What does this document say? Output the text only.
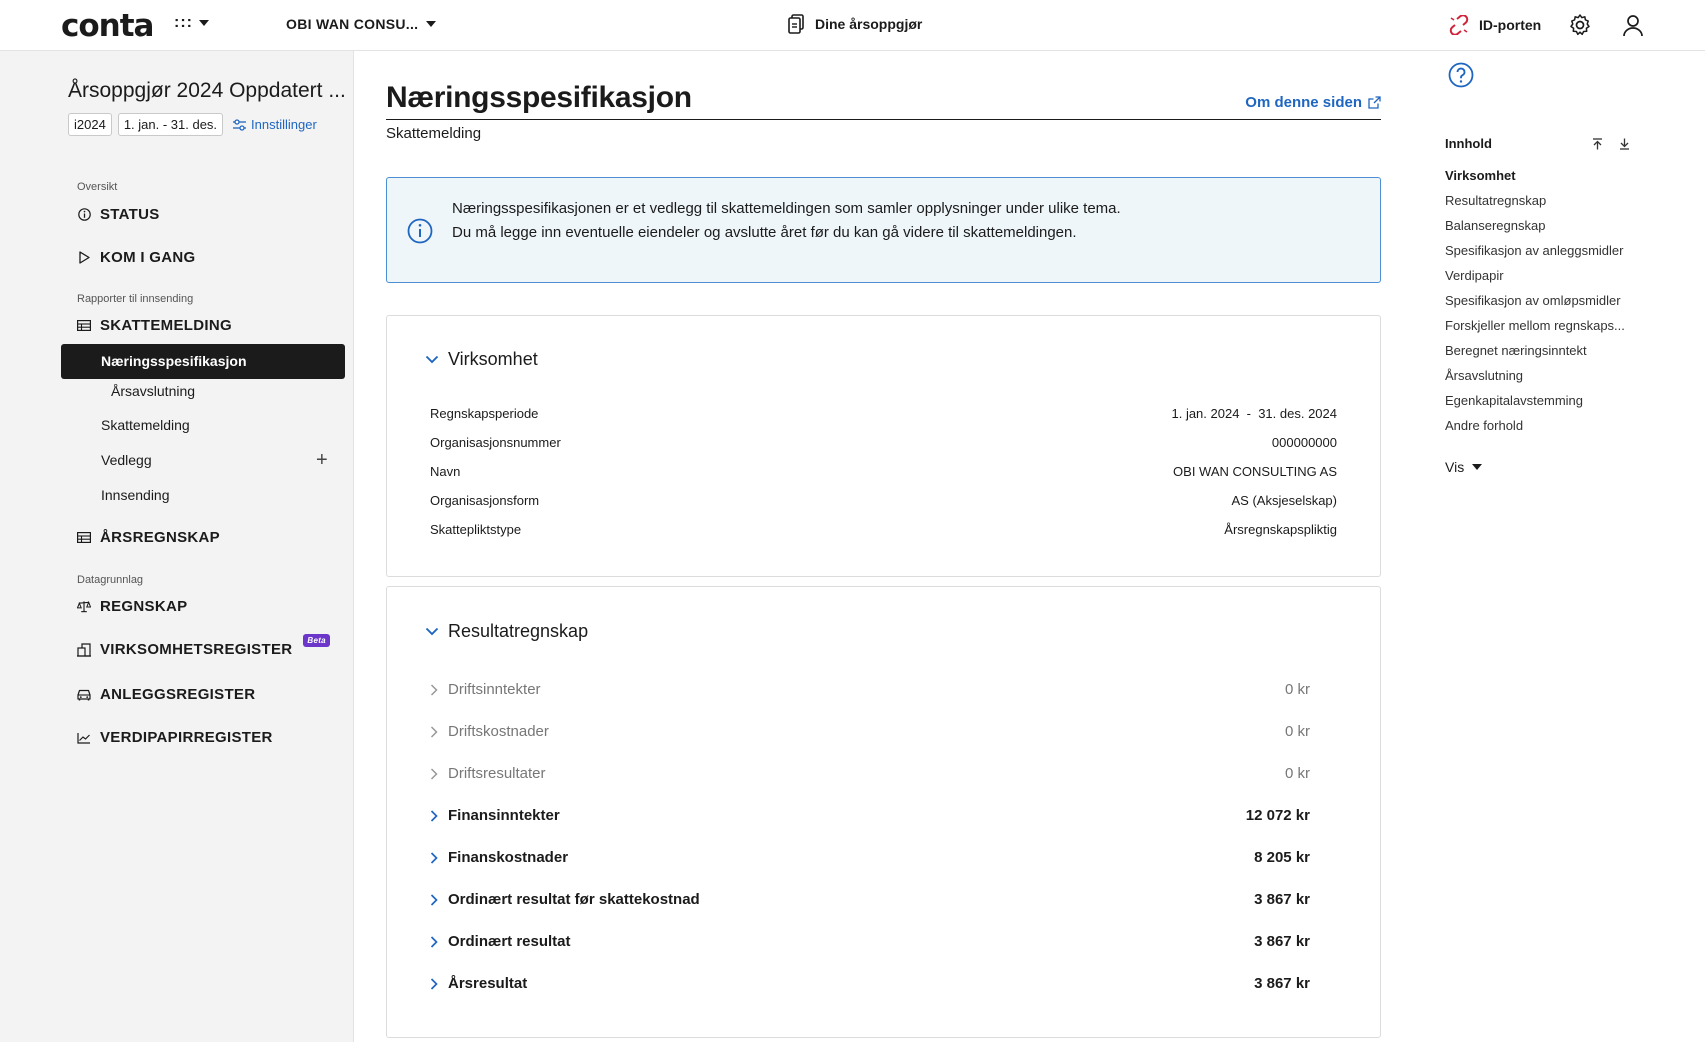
conta :::	OBI WAN CONSU...	Dine årsoppgjør	ID-porten
Årsoppgjør 2024 Oppdatert ...
i2024	1. jan. - 31. des.	Innstillinger
Oversikt
STATUS
KOM I GANG
Rapporter til innsending
SKATTEMELDING
Næringsspesifikasjon
Årsavslutning
Skattemelding
Vedlegg	+
Innsending
ÅRSREGNSKAP
Datagrunnlag
REGNSKAP
VIRKSOMHETSREGISTER
Beta
ANLEGGSREGISTER
VERDIPAPIRREGISTER
Næringsspesifikasjon	Om denne siden
Skattemelding
Næringsspesifikasjonen er et vedlegg til skattemeldingen som samler opplysninger under ulike tema. Du må legge inn eventuelle eiendeler og avslutte året før du kan gå videre til skattemeldingen.
Virksomhet
Regnskapsperiode	1. jan. 2024  -  31. des. 2024
Organisasjonsnummer	000000000
Navn	OBI WAN CONSULTING AS
Organisasjonsform	AS (Aksjeselskap)
Skattepliktstype	Årsregnskapspliktig
Resultatregnskap
Driftsinntekter	0 kr
Driftskostnader	0 kr
Driftsresultater	0 kr
Finansinntekter	12 072 kr
Finanskostnader	8 205 kr
Ordinært resultat før skattekostnad	3 867 kr
Ordinært resultat	3 867 kr
Årsresultat	3 867 kr
Innhold
Virksomhet
Resultatregnskap
Balanseregnskap
Spesifikasjon av anleggsmidler
Verdipapir
Spesifikasjon av omløpsmidler
Forskjeller mellom regnskaps...
Beregnet næringsinntekt
Årsavslutning
Egenkapitalavstemming
Andre forhold
Vis
